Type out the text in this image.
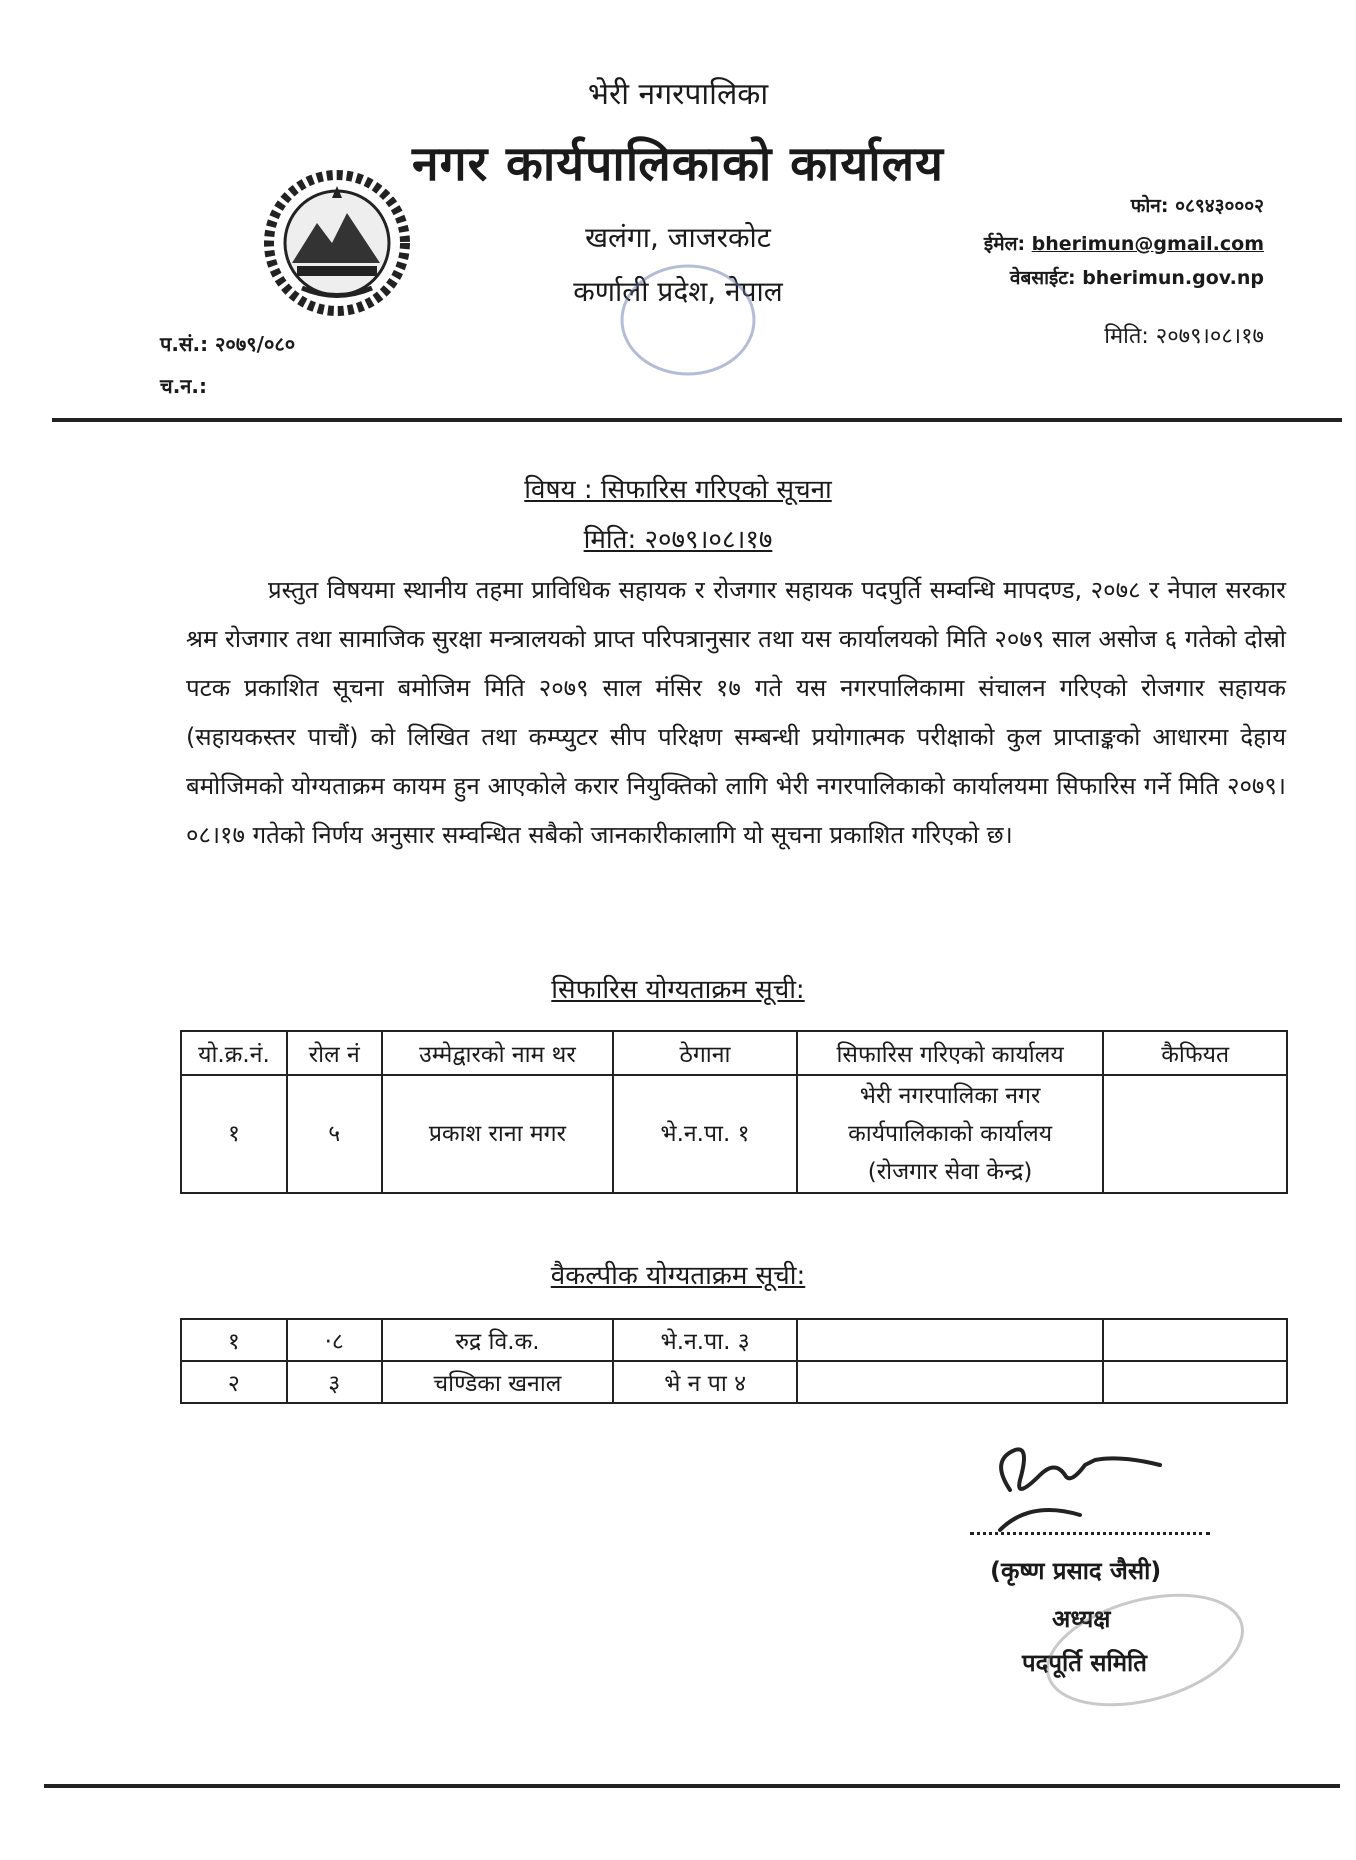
भेरी नगरपालिका
नगर कार्यपालिकाको कार्यालय
खलंगा, जाजरकोट
कर्णाली प्रदेश, नेपाल
फोन: ०८९४३०००२
ईमेल: bherimun@gmail.com
वेबसाईट: bherimun.gov.np
मिति: २०७९।०८।१७
प.सं.: २०७९/०८०
च.न.:
विषय : सिफारिस गरिएको सूचना
मिति: २०७९।०८।१७
प्रस्तुत विषयमा स्थानीय तहमा प्राविधिक सहायक र रोजगार सहायक पदपुर्ति सम्वन्धि मापदण्ड, २०७८ र नेपाल सरकार श्रम रोजगार तथा सामाजिक सुरक्षा मन्त्रालयको प्राप्त परिपत्रानुसार तथा यस कार्यालयको मिति २०७९ साल असोज ६ गतेको दोस्रो पटक प्रकाशित सूचना बमोजिम मिति २०७९ साल मंसिर १७ गते यस नगरपालिकामा संचालन गरिएको रोजगार सहायक (सहायकस्तर पाचौं) को लिखित तथा कम्प्युटर सीप परिक्षण सम्बन्धी प्रयोगात्मक परीक्षाको कुल प्राप्ताङ्कको आधारमा देहाय बमोजिमको योग्यताक्रम कायम हुन आएकोले करार नियुक्तिको लागि भेरी नगरपालिकाको कार्यालयमा सिफारिस गर्ने मिति २०७९।०८।१७ गतेको निर्णय अनुसार सम्वन्धित सबैको जानकारीकालागि यो सूचना प्रकाशित गरिएको छ।
सिफारिस योग्यताक्रम सूची:
यो.क्र.नं.	रोल नं	उम्मेद्वारको नाम थर	ठेगाना	सिफारिस गरिएको कार्यालय	कैफियत
१	५	प्रकाश राना मगर	भे.न.पा. १	भेरी नगरपालिका नगर कार्यपालिकाको कार्यालय (रोजगार सेवा केन्द्र)	
वैकल्पीक योग्यताक्रम सूची:
१	·८	रुद्र वि.क.	भे.न.पा. ३		
२	३	चण्डिका खनाल	भे न पा ४		
(कृष्ण प्रसाद जैसी)
अध्यक्ष
पदपूर्ति समिति
